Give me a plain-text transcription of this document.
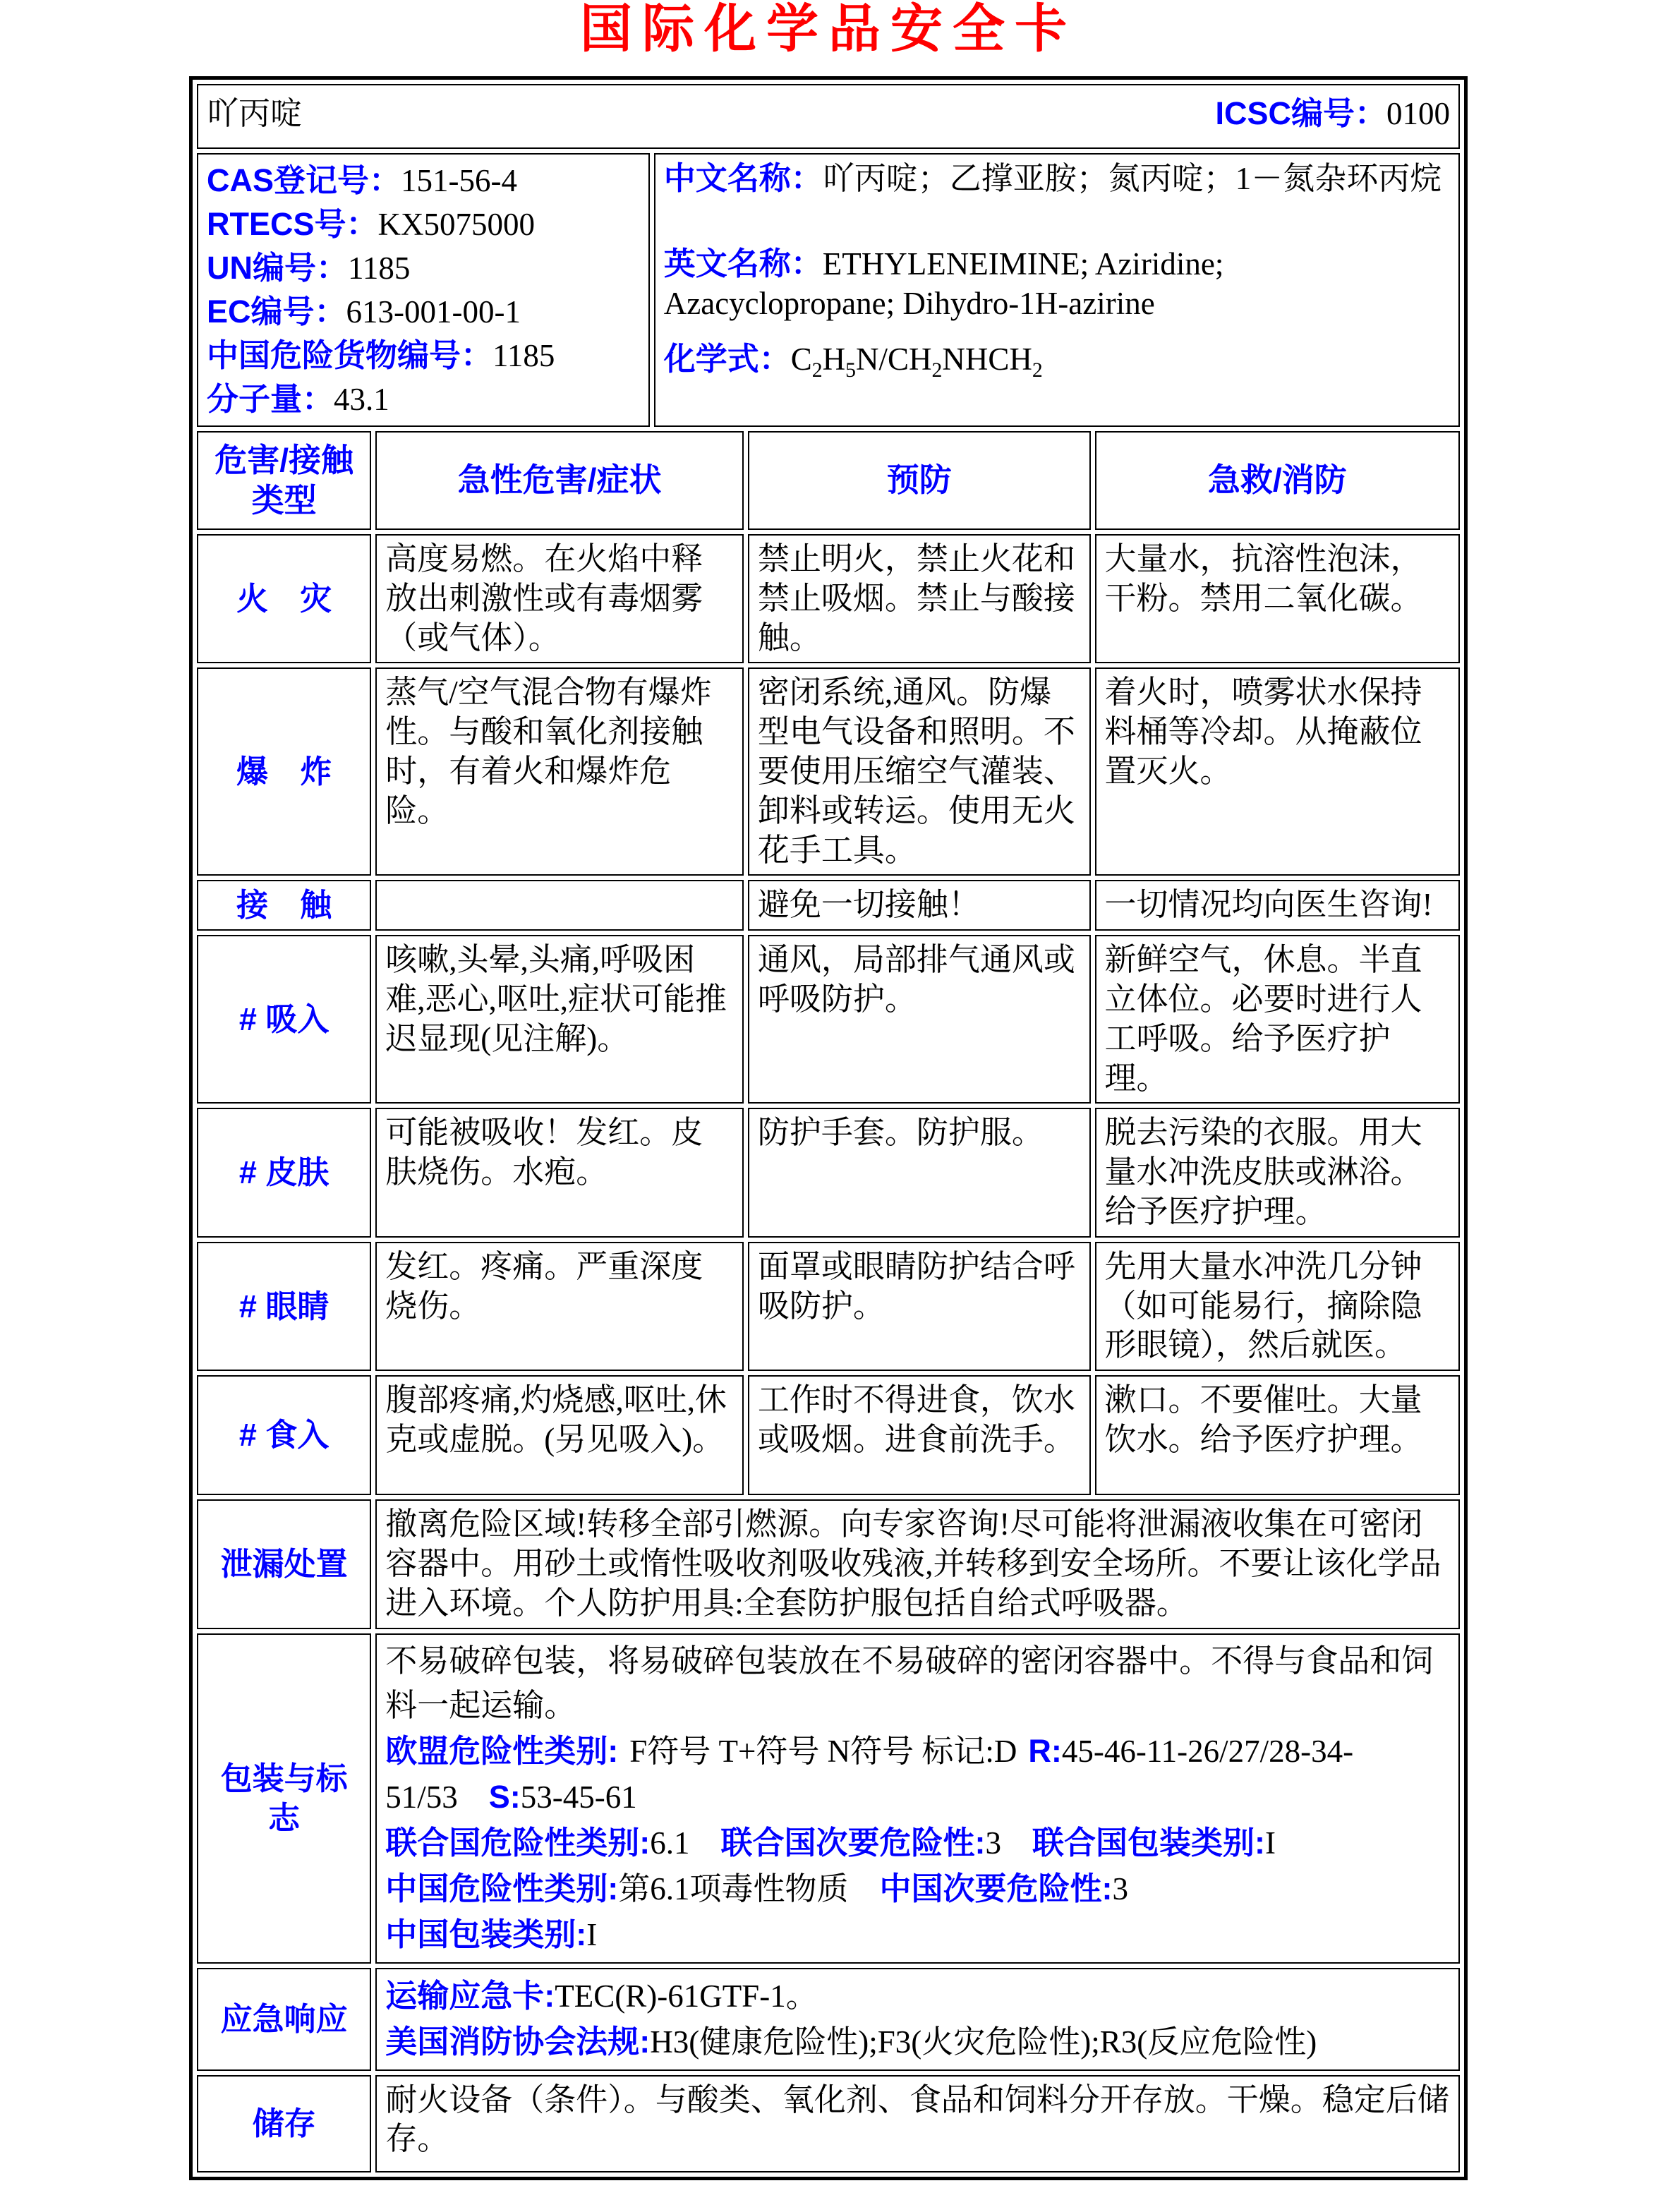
国际化学品安全卡
吖丙啶 ICSC编号：0100				

CAS登记号：151-56-4
RTECS号：KX5075000
UN编号：1185
EC编号：613-001-00-1
中国危险货物编号：1185
分子量：43.1

中文名称：吖丙啶；乙撑亚胺；氮丙啶；1－氮杂环丙烷
英文名称：ETHYLENEIMINE; Aziridine; Azacyclopropane; Dihydro-1H-azirine
化学式：$C_2H_5N/CH_2NHCH_2$

危害/接触类型	急性危害/症状		预防	急救/消防
火　灾	高度易燃。在火焰中释放出刺激性或有毒烟雾（或气体）。		禁止明火，禁止火花和禁止吸烟。禁止与酸接触。	大量水，抗溶性泡沫，干粉。禁用二氧化碳。
爆　炸	蒸气/空气混合物有爆炸性。与酸和氧化剂接触时，有着火和爆炸危险。		密闭系统,通风。防爆型电气设备和照明。不要使用压缩空气灌装、卸料或转运。使用无火花手工具。	着火时，喷雾状水保持料桶等冷却。从掩蔽位置灭火。
接　触			避免一切接触！	一切情况均向医生咨询!
# 吸入	咳嗽,头晕,头痛,呼吸困难,恶心,呕吐,症状可能推迟显现(见注解)。		通风，局部排气通风或呼吸防护。	新鲜空气，休息。半直立体位。必要时进行人工呼吸。给予医疗护理。
# 皮肤	可能被吸收！发红。皮肤烧伤。水疱。		防护手套。防护服。	脱去污染的衣服。用大量水冲洗皮肤或淋浴。给予医疗护理。
# 眼睛	发红。疼痛。严重深度烧伤。		面罩或眼睛防护结合呼吸防护。	先用大量水冲洗几分钟（如可能易行，摘除隐形眼镜），然后就医。
# 食入	腹部疼痛,灼烧感,呕吐,休克或虚脱。(另见吸入)。		工作时不得进食，饮水或吸烟。进食前洗手。	漱口。不要催吐。大量饮水。给予医疗护理。
泄漏处置	撤离危险区域!转移全部引燃源。向专家咨询!尽可能将泄漏液收集在可密闭容器中。用砂土或惰性吸收剂吸收残液,并转移到安全场所。不要让该化学品进入环境。个人防护用具:全套防护服包括自给式呼吸器。			
包装与标志	不易破碎包装，将易破碎包装放在不易破碎的密闭容器中。不得与食品和饲料一起运输。
欧盟危险性类别: F符号 T+符号 N符号 标记:D R:45-46-11-26/27/28-34-51/53 S:53-45-61
联合国危险性类别:6.1 联合国次要危险性:3 联合国包装类别:I
中国危险性类别:第6.1项毒性物质 中国次要危险性:3
中国包装类别:I			

应急响应	运输应急卡:TEC(R)-61GTF-1。
美国消防协会法规:H3(健康危险性);F3(火灾危险性);R3(反应危险性)			

储存	耐火设备（条件）。与酸类、氧化剂、食品和饲料分开存放。干燥。稳定后储存。			
